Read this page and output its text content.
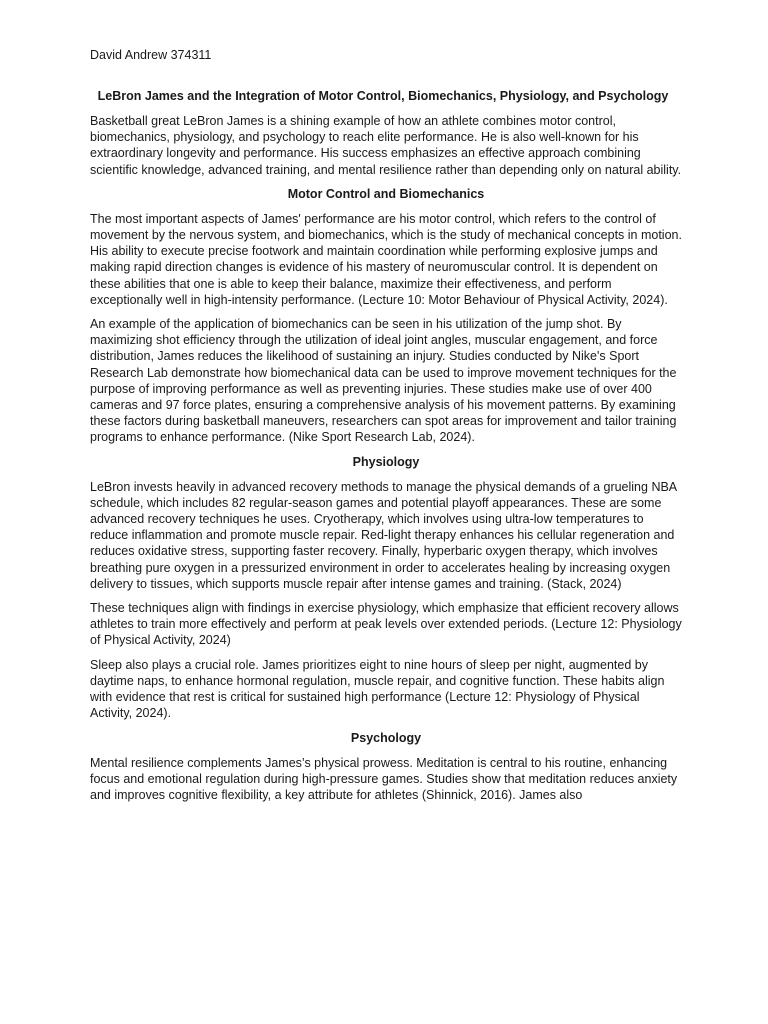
David Andrew 374311
LeBron James and the Integration of Motor Control, Biomechanics, Physiology, and Psychology

Basketball great LeBron James is a shining example of how an athlete combines motor control, biomechanics, physiology, and psychology to reach elite performance. He is also well-known for his extraordinary longevity and performance. His success emphasizes an effective approach combining scientific knowledge, advanced training, and mental resilience rather than depending only on natural ability.

Motor Control and Biomechanics

The most important aspects of James' performance are his motor control, which refers to the control of movement by the nervous system, and biomechanics, which is the study of mechanical concepts in motion. His ability to execute precise footwork and maintain coordination while performing explosive jumps and making rapid direction changes is evidence of his mastery of neuromuscular control. It is dependent on these abilities that one is able to keep their balance, maximize their effectiveness, and perform exceptionally well in high-intensity performance. (Lecture 10: Motor Behaviour of Physical Activity, 2024).

An example of the application of biomechanics can be seen in his utilization of the jump shot. By maximizing shot efficiency through the utilization of ideal joint angles, muscular engagement, and force distribution, James reduces the likelihood of sustaining an injury. Studies conducted by Nike's Sport Research Lab demonstrate how biomechanical data can be used to improve movement techniques for the purpose of improving performance as well as preventing injuries. These studies make use of over 400 cameras and 97 force plates, ensuring a comprehensive analysis of his movement patterns. By examining these factors during basketball maneuvers, researchers can spot areas for improvement and tailor training programs to enhance performance. (Nike Sport Research Lab, 2024).

Physiology

LeBron invests heavily in advanced recovery methods to manage the physical demands of a grueling NBA schedule, which includes 82 regular-season games and potential playoff appearances. These are some advanced recovery techniques he uses. Cryotherapy, which involves using ultra-low temperatures to reduce inflammation and promote muscle repair. Red-light therapy enhances his cellular regeneration and reduces oxidative stress, supporting faster recovery. Finally, hyperbaric oxygen therapy, which involves breathing pure oxygen in a pressurized environment in order to accelerates healing by increasing oxygen delivery to tissues, which supports muscle repair after intense games and training. (Stack, 2024)

These techniques align with findings in exercise physiology, which emphasize that efficient recovery allows athletes to train more effectively and perform at peak levels over extended periods. (Lecture 12: Physiology of Physical Activity, 2024)

Sleep also plays a crucial role. James prioritizes eight to nine hours of sleep per night, augmented by daytime naps, to enhance hormonal regulation, muscle repair, and cognitive function. These habits align with evidence that rest is critical for sustained high performance (Lecture 12: Physiology of Physical Activity, 2024).

Psychology

Mental resilience complements James’s physical prowess. Meditation is central to his routine, enhancing focus and emotional regulation during high-pressure games. Studies show that meditation reduces anxiety and improves cognitive flexibility, a key attribute for athletes (Shinnick, 2016). James also
